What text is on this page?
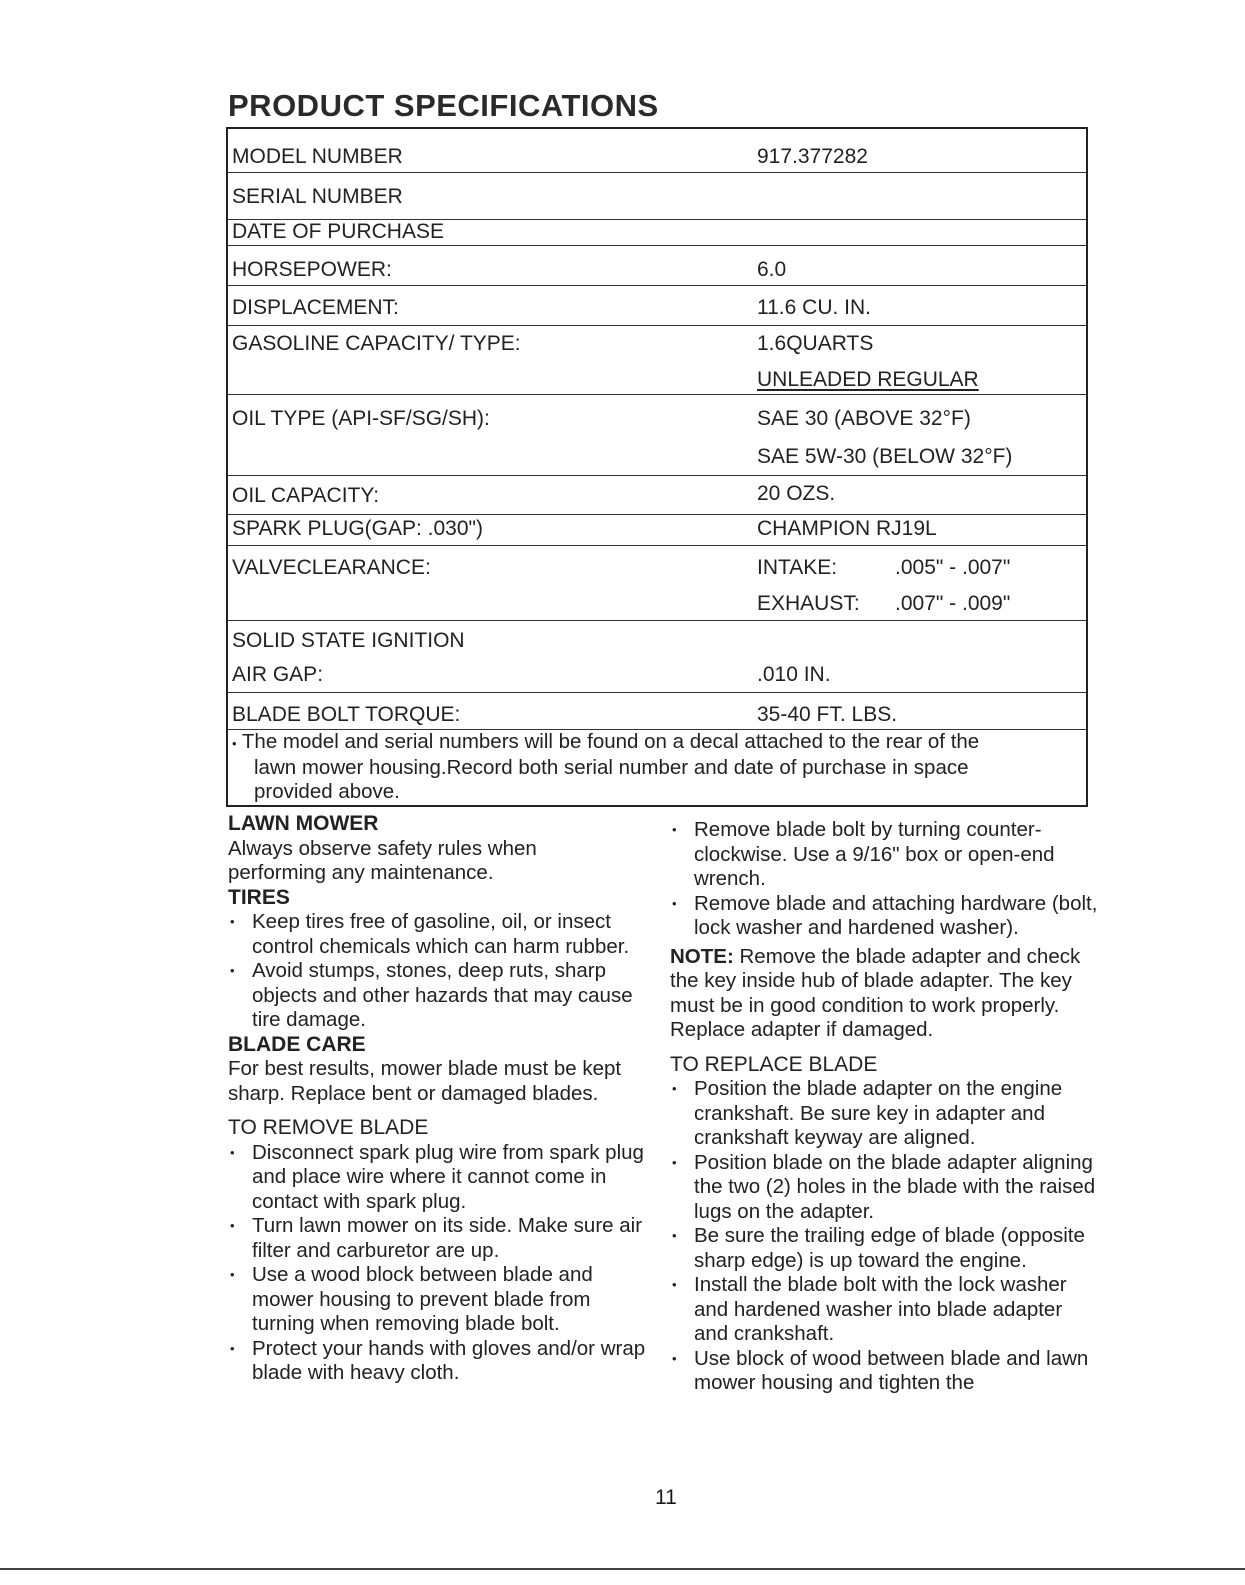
PRODUCT SPECIFICATIONS
MODEL NUMBER	917.377282
SERIAL NUMBER
DATE OF PURCHASE
HORSEPOWER:	6.0
DISPLACEMENT:	11.6 CU. IN.
GASOLINE CAPACITY/ TYPE:	1.6QUARTS
UNLEADED REGULAR
OIL TYPE (API-SF/SG/SH):	SAE 30 (ABOVE 32°F)
SAE 5W-30 (BELOW 32°F)
OIL CAPACITY:	20 OZS.
SPARK PLUG(GAP: .030")	CHAMPION RJ19L
VALVECLEARANCE:	INTAKE:	.005" - .007"
EXHAUST: .007" - .009"
SOLID STATE IGNITION
AIR GAP:	.010 IN.
BLADE BOLT TORQUE:	35-40 FT. LBS.
• The model and serial numbers will be found on a decal attached to the rear of the
lawn mower housing.Record both serial number and date of purchase in space
provided above.
LAWN MOWER

Always observe safety rules when performing any maintenance.

TIRES
• Keep tires free of gasoline, oil, or insect control chemicals which can harm rubber.
• Avoid stumps, stones, deep ruts, sharp objects and other hazards that may cause tire damage.
BLADE CARE

For best results, mower blade must be kept sharp. Replace bent or damaged blades.

TO REMOVE BLADE
• Disconnect spark plug wire from spark plug and place wire where it cannot come in contact with spark plug.
• Turn lawn mower on its side. Make sure air filter and carburetor are up.
• Use a wood block between blade and mower housing to prevent blade from turning when removing blade bolt.
• Protect your hands with gloves and/or wrap blade with heavy cloth.
• Remove blade bolt by turning counter-clockwise. Use a 9/16" box or open-end wrench.
• Remove blade and attaching hardware (bolt, lock washer and hardened washer).

NOTE: Remove the blade adapter and check the key inside hub of blade adapter. The key must be in good condition to work properly. Replace adapter if damaged.

TO REPLACE BLADE
• Position the blade adapter on the engine crankshaft. Be sure key in adapter and crankshaft keyway are aligned.
• Position blade on the blade adapter aligning the two (2) holes in the blade with the raised lugs on the adapter.
• Be sure the trailing edge of blade (opposite sharp edge) is up toward the engine.
• Install the blade bolt with the lock washer and hardened washer into blade adapter and crankshaft.
• Use block of wood between blade and lawn mower housing and tighten the
11
